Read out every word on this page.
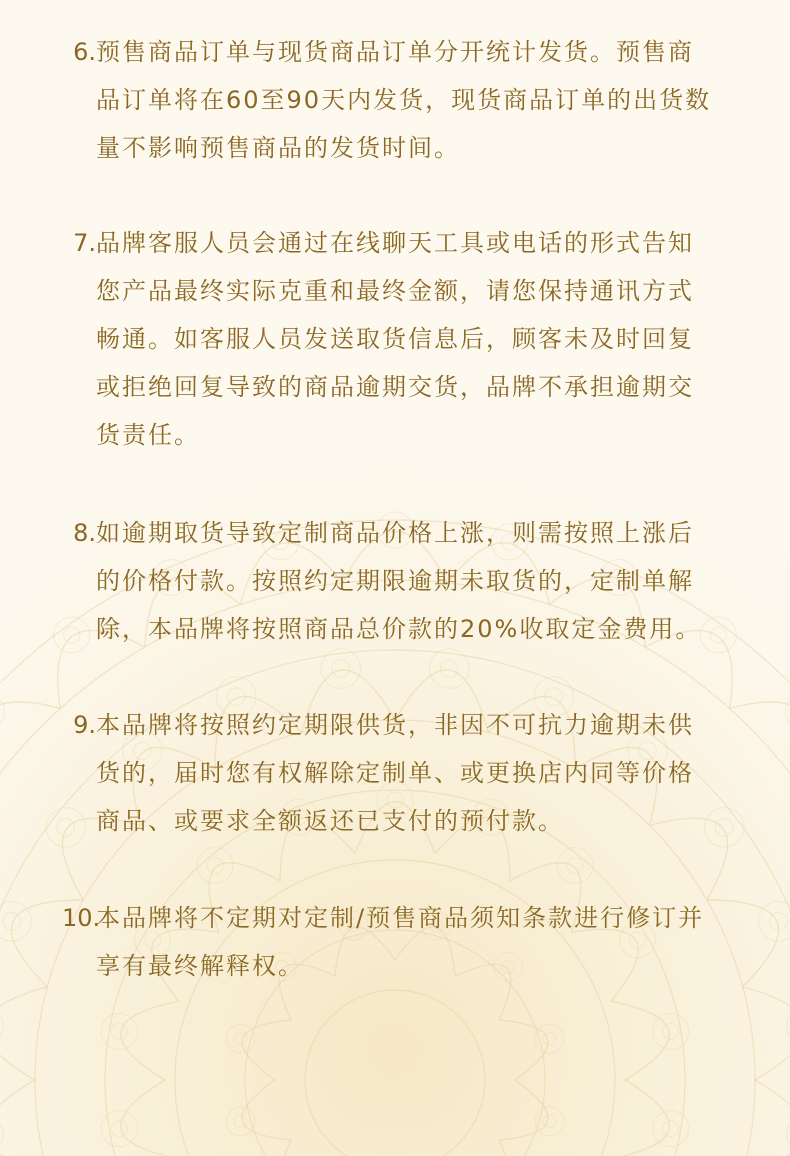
6. 预售商品订单与现货商品订单分开统计发货。预售商
品订单将在60至90天内发货，现货商品订单的出货数
量不影响预售商品的发货时间。
7. 品牌客服人员会通过在线聊天工具或电话的形式告知
您产品最终实际克重和最终金额，请您保持通讯方式
畅通。如客服人员发送取货信息后，顾客未及时回复
或拒绝回复导致的商品逾期交货，品牌不承担逾期交
货责任。
8. 如逾期取货导致定制商品价格上涨，则需按照上涨后
的价格付款。按照约定期限逾期未取货的，定制单解
除，本品牌将按照商品总价款的20%收取定金费用。
9. 本品牌将按照约定期限供货，非因不可抗力逾期未供
货的，届时您有权解除定制单、或更换店内同等价格
商品、或要求全额返还已支付的预付款。
10.
本品牌将不定期对定制/预售商品须知条款进行修订并
享有最终解释权。
